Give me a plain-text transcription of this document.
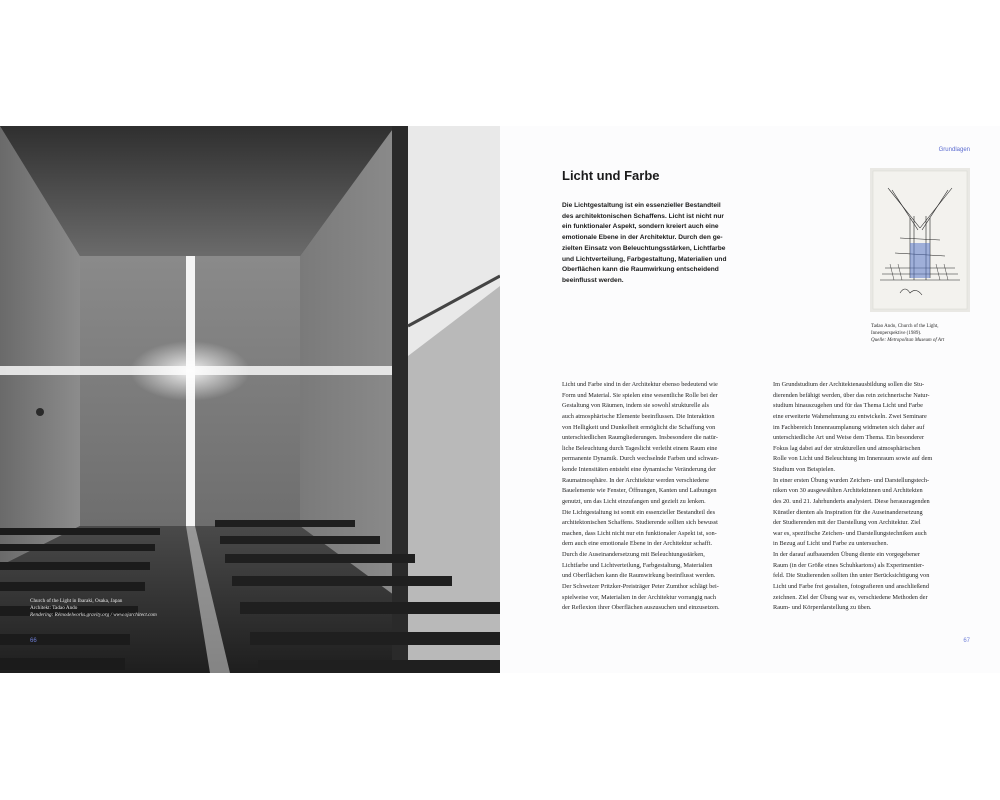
Church of the Light in Ibaraki, Osaka, Japan
Architekt: Tadao Ando
Rendering: Rémodelworks.gravity.org / www.ojarchitect.com
66
Grundlagen
Licht und Farbe
Die Lichtgestaltung ist ein essenzieller Bestandteil
des architektonischen Schaffens. Licht ist nicht nur
ein funktionaler Aspekt, sondern kreiert auch eine
emotionale Ebene in der Architektur. Durch den ge-
zielten Einsatz von Beleuchtungsstärken, Lichtfarbe
und Lichtverteilung, Farbgestaltung, Materialien und
Oberflächen kann die Raumwirkung entscheidend
beeinflusst werden.
Tadao Ando, Church of the Light,
Innenperspektive (1989).
Quelle: Metropolitan Museum of Art
Licht und Farbe sind in der Architektur ebenso bedeutend wie
Form und Material. Sie spielen eine wesentliche Rolle bei der
Gestaltung von Räumen, indem sie sowohl strukturelle als
auch atmosphärische Elemente beeinflussen. Die Interaktion
von Helligkeit und Dunkelheit ermöglicht die Schaffung von
unterschiedlichen Raumgliederungen. Insbesondere die natür-
liche Beleuchtung durch Tageslicht verleiht einem Raum eine
permanente Dynamik. Durch wechselnde Farben und schwan-
kende Intensitäten entsteht eine dynamische Veränderung der
Raumatmosphäre. In der Architektur werden verschiedene
Bauelemente wie Fenster, Öffnungen, Kanten und Laibungen
genutzt, um das Licht einzufangen und gezielt zu lenken.
Die Lichtgestaltung ist somit ein essenzieller Bestandteil des
architektonischen Schaffens. Studierende sollten sich bewusst
machen, dass Licht nicht nur ein funktionaler Aspekt ist, son-
dern auch eine emotionale Ebene in der Architektur schafft.
Durch die Auseinandersetzung mit Beleuchtungsstärken,
Lichtfarbe und Lichtverteilung, Farbgestaltung, Materialien
und Oberflächen kann die Raumwirkung beeinflusst werden.
Der Schweizer Pritzker-Preisträger Peter Zumthor schlägt bei-
spielweise vor, Materialien in der Architektur vorrangig nach
der Reflexion ihrer Oberflächen auszusuchen und einzusetzen.
Im Grundstudium der Architektenausbildung sollen die Stu-
dierenden befähigt werden, über das rein zeichnerische Natur-
studium hinauszugehen und für das Thema Licht und Farbe
eine erweiterte Wahrnehmung zu entwickeln. Zwei Seminare
im Fachbereich Innenraumplanung widmeten sich daher auf
unterschiedliche Art und Weise dem Thema. Ein besonderer
Fokus lag dabei auf der strukturellen und atmosphärischen
Rolle von Licht und Beleuchtung im Innenraum sowie auf dem
Studium von Beispielen.
In einer ersten Übung wurden Zeichen- und Darstellungstech-
niken von 30 ausgewählten Architektinnen und Architekten
des 20. und 21. Jahrhunderts analysiert. Diese herausragenden
Künstler dienten als Inspiration für die Auseinandersetzung
der Studierenden mit der Darstellung von Architektur. Ziel
war es, spezifische Zeichen- und Darstellungstechniken auch
in Bezug auf Licht und Farbe zu untersuchen.
In der darauf aufbauenden Übung diente ein vorgegebener
Raum (in der Größe eines Schuhkartons) als Experimentier-
feld. Die Studierenden sollten ihn unter Berücksichtigung von
Licht und Farbe frei gestalten, fotografieren und anschließend
zeichnen. Ziel der Übung war es, verschiedene Methoden der
Raum- und Körperdarstellung zu üben.
67
